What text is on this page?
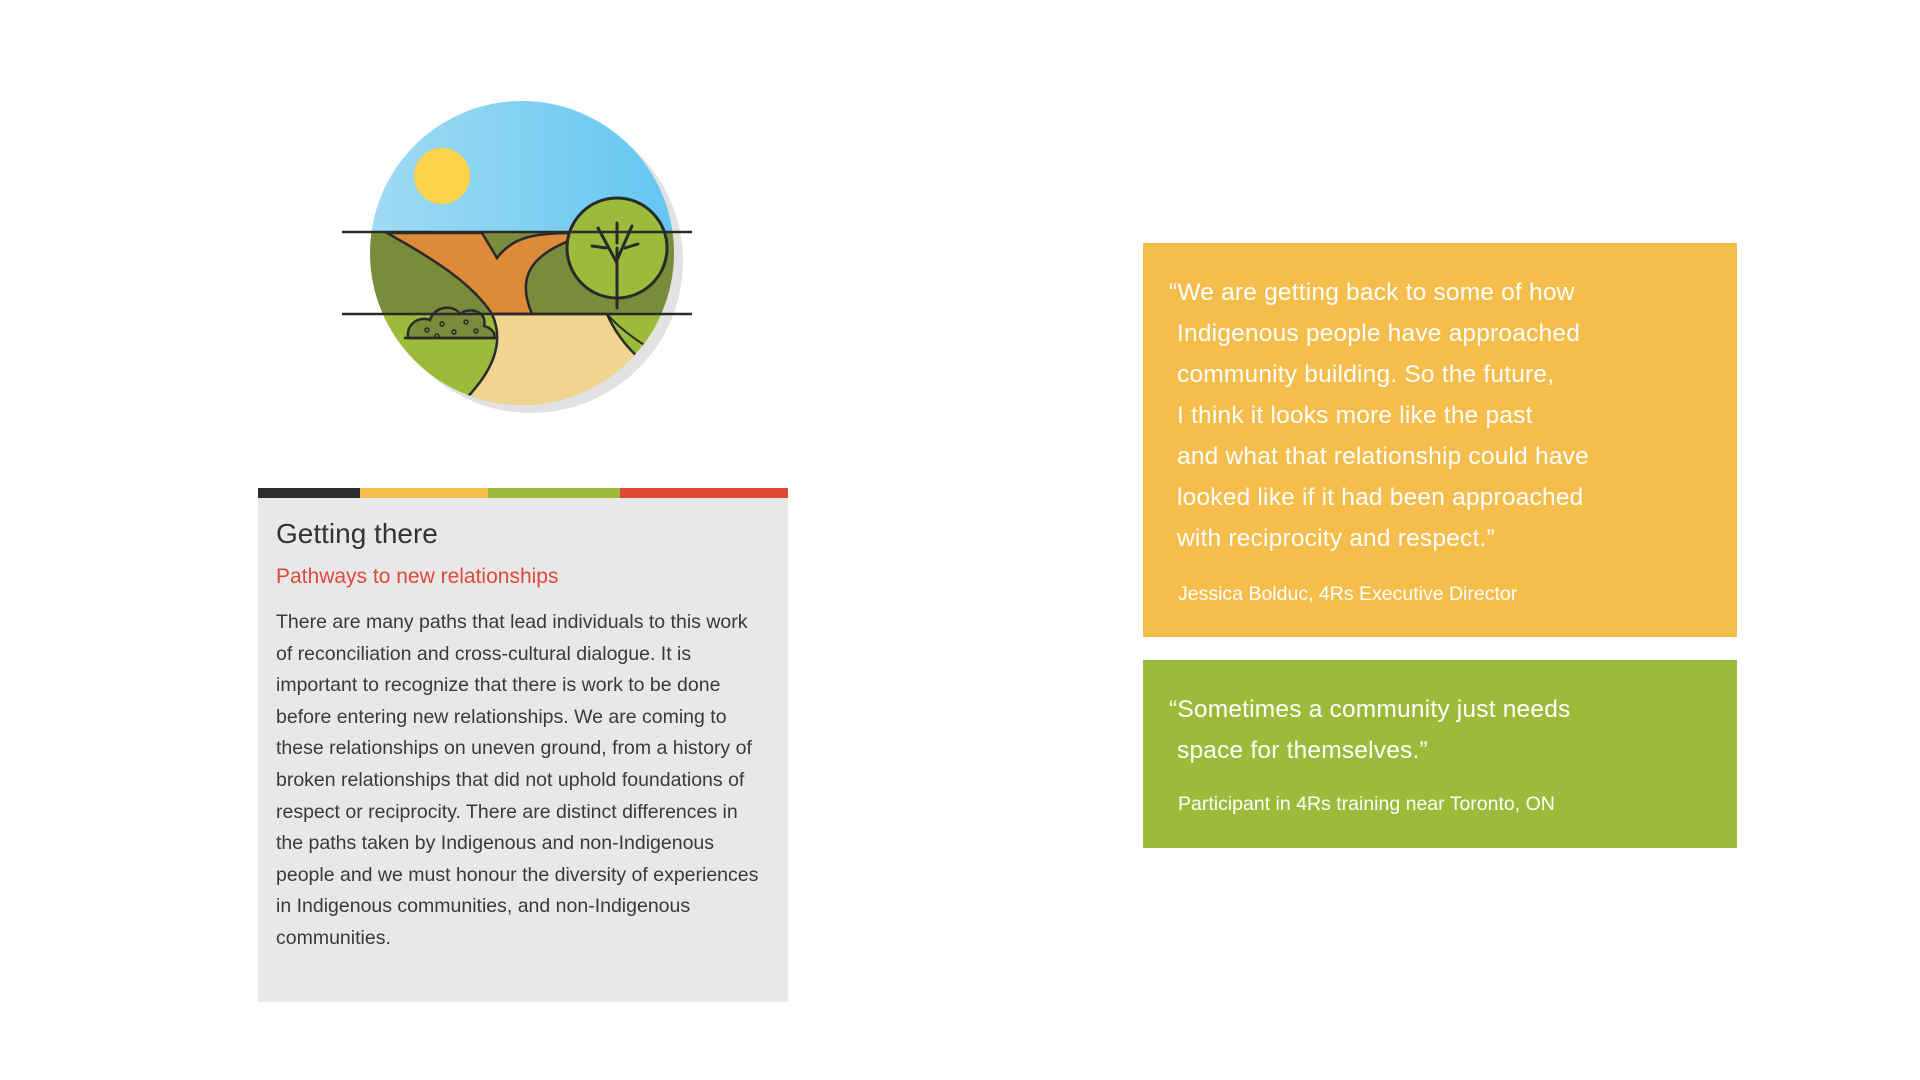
Getting there

Pathways to new relationships

There are many paths that lead individuals to this work of reconciliation and cross-cultural dialogue. It is important to recognize that there is work to be done before entering new relationships. We are coming to these relationships on uneven ground, from a history of broken relationships that did not uphold foundations of respect or reciprocity. There are distinct differences in the paths taken by Indigenous and non-Indigenous people and we must honour the diversity of experiences in Indigenous communities, and non-Indigenous communities.

“We are getting back to some of how
Indigenous people have approached
community building. So the future,
I think it looks more like the past
and what that relationship could have
looked like if it had been approached
with reciprocity and respect.”

Jessica Bolduc, 4Rs Executive Director

“Sometimes a community just needs
space for themselves.”

Participant in 4Rs training near Toronto, ON
